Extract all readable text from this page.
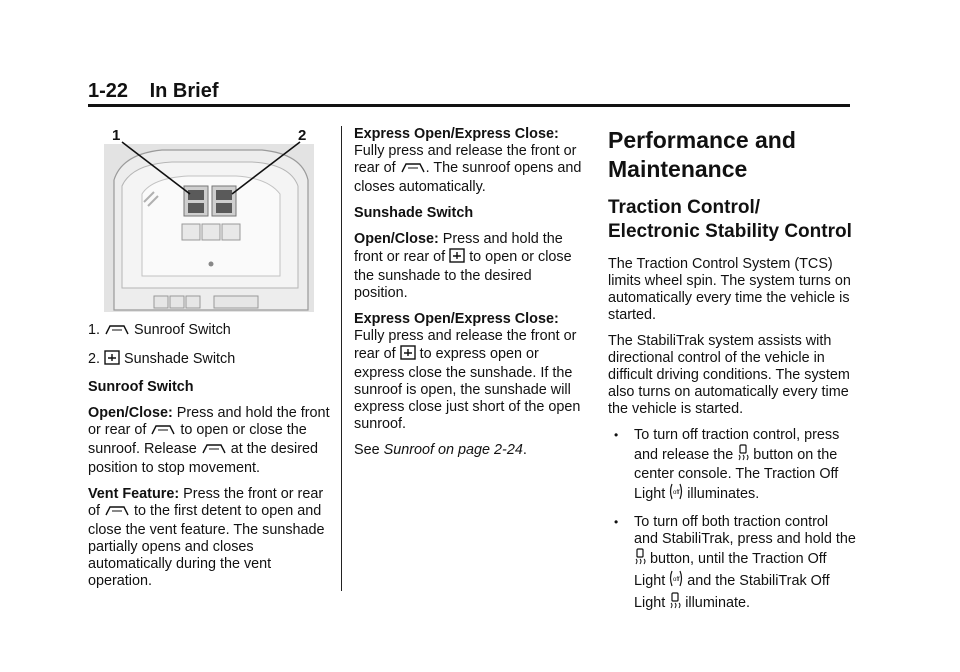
1-22 In Brief
1	2

1. Sunroof Switch

2. Sunshade Switch

Sunroof Switch

Open/Close: Press and hold the front or rear of to open or close the sunroof. Release at the desired position to stop movement.

Vent Feature: Press the front or rear of to the first detent to open and close the vent feature. The sunshade partially opens and closes automatically during the vent operation.

Express Open/Express Close:
Fully press and release the front or rear of . The sunroof opens and closes automatically.

Sunshade Switch

Open/Close: Press and hold the front or rear of to open or close the sunshade to the desired position.

Express Open/Express Close:
Fully press and release the front or rear of to express open or express close the sunshade. If the sunroof is open, the sunshade will express close just short of the open sunroof.

See Sunroof on page 2-24.

Performance and Maintenance
Traction Control/ Electronic Stability Control

The Traction Control System (TCS) limits wheel spin. The system turns on automatically every time the vehicle is started.

The StabiliTrak system assists with directional control of the vehicle in difficult driving conditions. The system also turns on automatically every time the vehicle is started.

• To turn off traction control, press and release the button on the center console. The Traction Off Light off illuminates.

• To turn off both traction control and StabiliTrak, press and hold the  button, until the Traction Off Light off and the StabiliTrak Off Light illuminate.
